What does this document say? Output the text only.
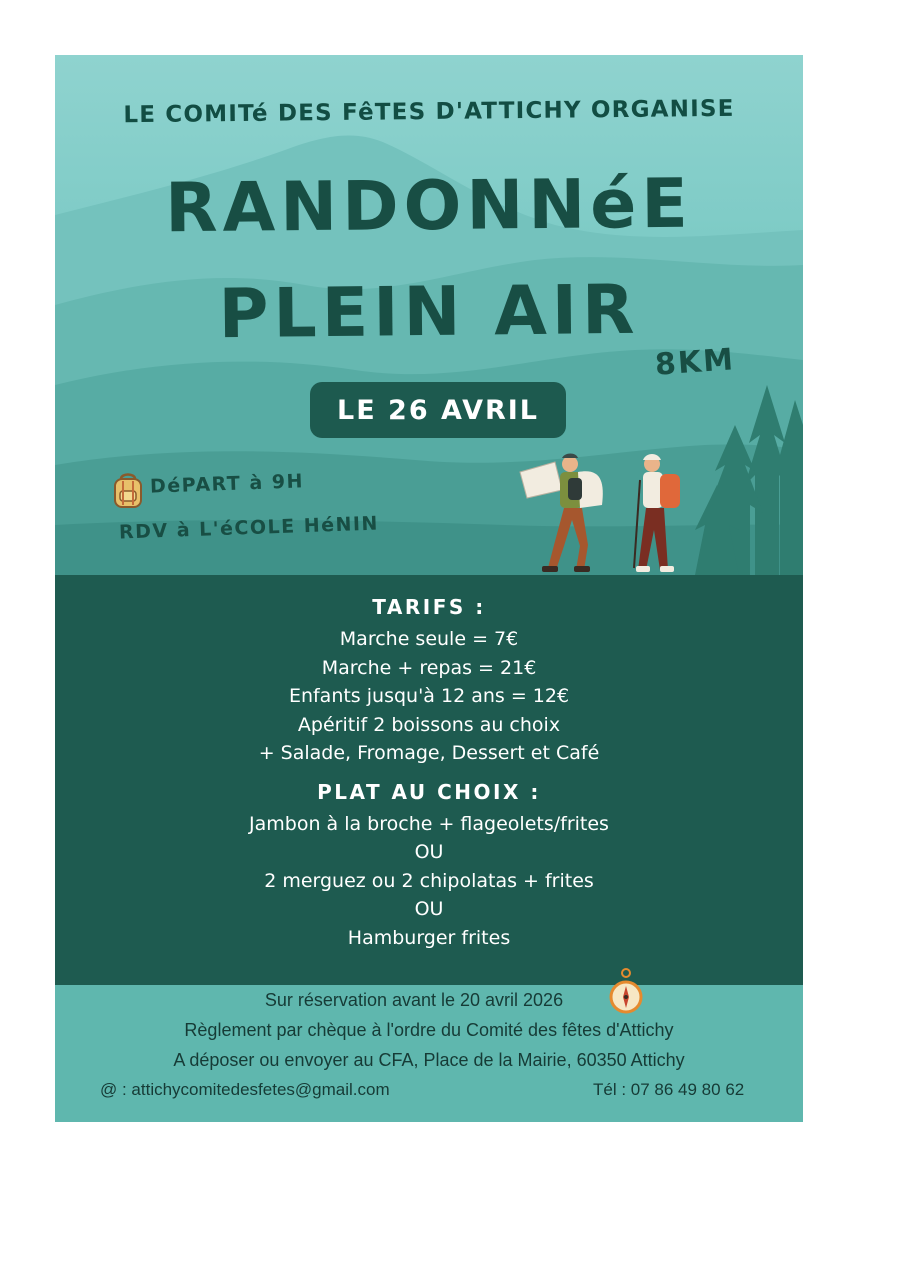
LE COMITé DES FêTES D'ATTICHY ORGANISE
RANDONNéE
PLEIN AIR
8KM
LE 26 AVRIL
DéPART à 9H
RDV à L'éCOLE HéNIN
TARIFS :
Marche seule = 7€
Marche + repas = 21€
Enfants jusqu'à 12 ans = 12€
Apéritif 2 boissons au choix
+ Salade, Fromage, Dessert et Café
PLAT AU CHOIX :
Jambon à la broche + flageolets/frites
OU
2 merguez ou 2 chipolatas + frites
OU
Hamburger frites
Sur réservation avant le 20 avril 2026
Règlement par chèque à l'ordre du Comité des fêtes d'Attichy
A déposer ou envoyer au CFA, Place de la Mairie, 60350 Attichy
@ : attichycomitedesfetes@gmail.com	Tél : 07 86 49 80 62
